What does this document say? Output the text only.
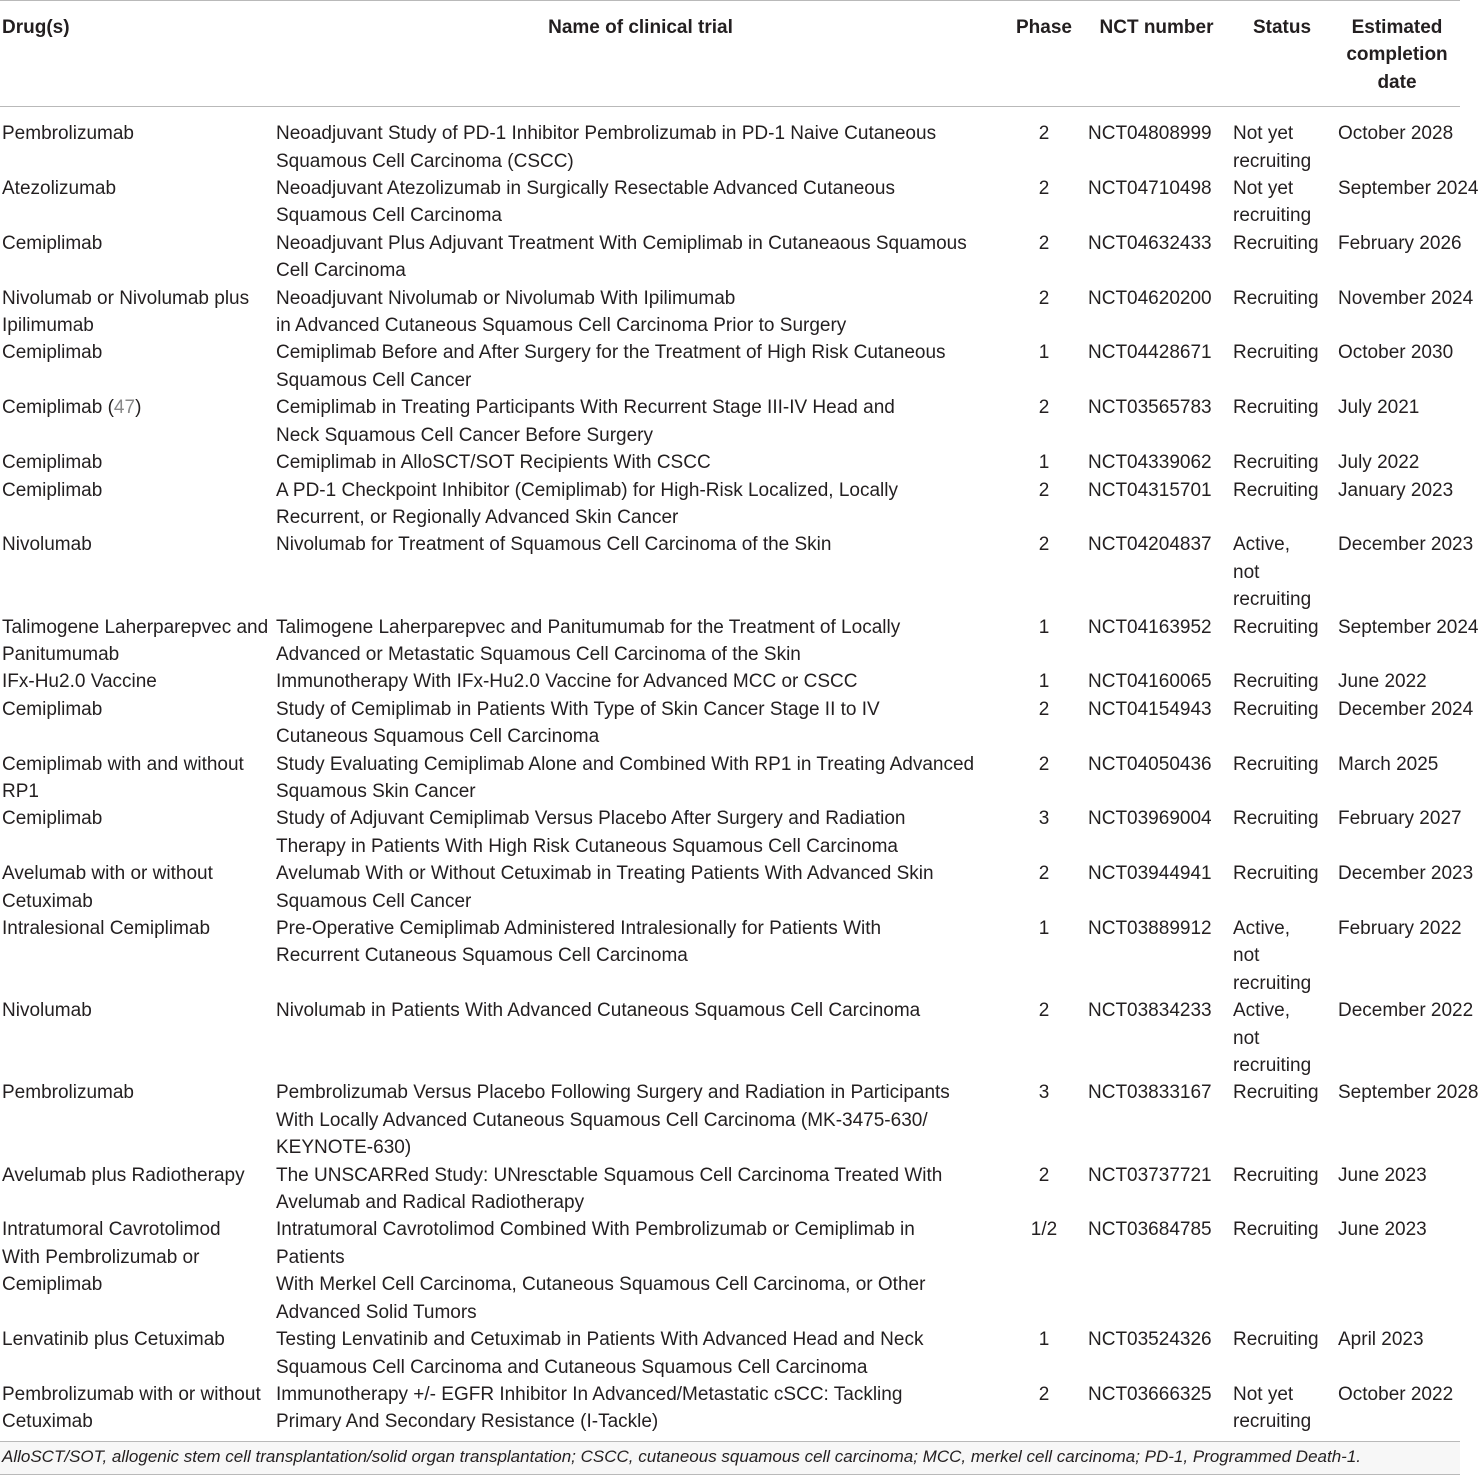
Drug(s)	Name of clinical trial	Phase	NCT number	Status	Estimated completion date

Pembrolizumab	Neoadjuvant Study of PD-1 Inhibitor Pembrolizumab in PD-1 Naive Cutaneous
Squamous Cell Carcinoma (CSCC)	2	NCT04808999	Not yet
recruiting	October 2028

Atezolizumab	Neoadjuvant Atezolizumab in Surgically Resectable Advanced Cutaneous
Squamous Cell Carcinoma	2	NCT04710498	Not yet
recruiting	September 2024

Cemiplimab	Neoadjuvant Plus Adjuvant Treatment With Cemiplimab in Cutaneaous Squamous
Cell Carcinoma	2	NCT04632433	Recruiting	February 2026

Nivolumab or Nivolumab plus
Ipilimumab	Neoadjuvant Nivolumab or Nivolumab With Ipilimumab
in Advanced Cutaneous Squamous Cell Carcinoma Prior to Surgery	2	NCT04620200	Recruiting	November 2024

Cemiplimab	Cemiplimab Before and After Surgery for the Treatment of High Risk Cutaneous
Squamous Cell Cancer	1	NCT04428671	Recruiting	October 2030

Cemiplimab (47)	Cemiplimab in Treating Participants With Recurrent Stage III-IV Head and
Neck Squamous Cell Cancer Before Surgery	2	NCT03565783	Recruiting	July 2021

Cemiplimab	Cemiplimab in AlloSCT/SOT Recipients With CSCC	1	NCT04339062	Recruiting	July 2022

Cemiplimab	A PD-1 Checkpoint Inhibitor (Cemiplimab) for High-Risk Localized, Locally
Recurrent, or Regionally Advanced Skin Cancer	2	NCT04315701	Recruiting	January 2023

Nivolumab	Nivolumab for Treatment of Squamous Cell Carcinoma of the Skin	2	NCT04204837	Active,
not
recruiting	December 2023

Talimogene Laherparepvec and
Panitumumab	Talimogene Laherparepvec and Panitumumab for the Treatment of Locally
Advanced or Metastatic Squamous Cell Carcinoma of the Skin	1	NCT04163952	Recruiting	September 2024

IFx-Hu2.0 Vaccine	Immunotherapy With IFx-Hu2.0 Vaccine for Advanced MCC or CSCC	1	NCT04160065	Recruiting	June 2022

Cemiplimab	Study of Cemiplimab in Patients With Type of Skin Cancer Stage II to IV
Cutaneous Squamous Cell Carcinoma	2	NCT04154943	Recruiting	December 2024

Cemiplimab with and without
RP1	Study Evaluating Cemiplimab Alone and Combined With RP1 in Treating Advanced
Squamous Skin Cancer	2	NCT04050436	Recruiting	March 2025

Cemiplimab	Study of Adjuvant Cemiplimab Versus Placebo After Surgery and Radiation
Therapy in Patients With High Risk Cutaneous Squamous Cell Carcinoma	3	NCT03969004	Recruiting	February 2027

Avelumab with or without
Cetuximab	Avelumab With or Without Cetuximab in Treating Patients With Advanced Skin
Squamous Cell Cancer	2	NCT03944941	Recruiting	December 2023

Intralesional Cemiplimab	Pre-Operative Cemiplimab Administered Intralesionally for Patients With
Recurrent Cutaneous Squamous Cell Carcinoma	1	NCT03889912	Active,
not
recruiting	February 2022

Nivolumab	Nivolumab in Patients With Advanced Cutaneous Squamous Cell Carcinoma	2	NCT03834233	Active,
not
recruiting	December 2022

Pembrolizumab	Pembrolizumab Versus Placebo Following Surgery and Radiation in Participants
With Locally Advanced Cutaneous Squamous Cell Carcinoma (MK-3475-630/
KEYNOTE-630)	3	NCT03833167	Recruiting	September 2028

Avelumab plus Radiotherapy	The UNSCARRed Study: UNresctable Squamous Cell Carcinoma Treated With
Avelumab and Radical Radiotherapy	2	NCT03737721	Recruiting	June 2023

Intratumoral Cavrotolimod
With Pembrolizumab or
Cemiplimab	Intratumoral Cavrotolimod Combined With Pembrolizumab or Cemiplimab in
Patients
With Merkel Cell Carcinoma, Cutaneous Squamous Cell Carcinoma, or Other
Advanced Solid Tumors	1/2	NCT03684785	Recruiting	June 2023

Lenvatinib plus Cetuximab	Testing Lenvatinib and Cetuximab in Patients With Advanced Head and Neck
Squamous Cell Carcinoma and Cutaneous Squamous Cell Carcinoma	1	NCT03524326	Recruiting	April 2023

Pembrolizumab with or without
Cetuximab	Immunotherapy +/- EGFR Inhibitor In Advanced/Metastatic cSCC: Tackling
Primary And Secondary Resistance (I-Tackle)	2	NCT03666325	Not yet
recruiting	October 2022
AlloSCT/SOT, allogenic stem cell transplantation/solid organ transplantation; CSCC, cutaneous squamous cell carcinoma; MCC, merkel cell carcinoma; PD-1, Programmed Death-1.
